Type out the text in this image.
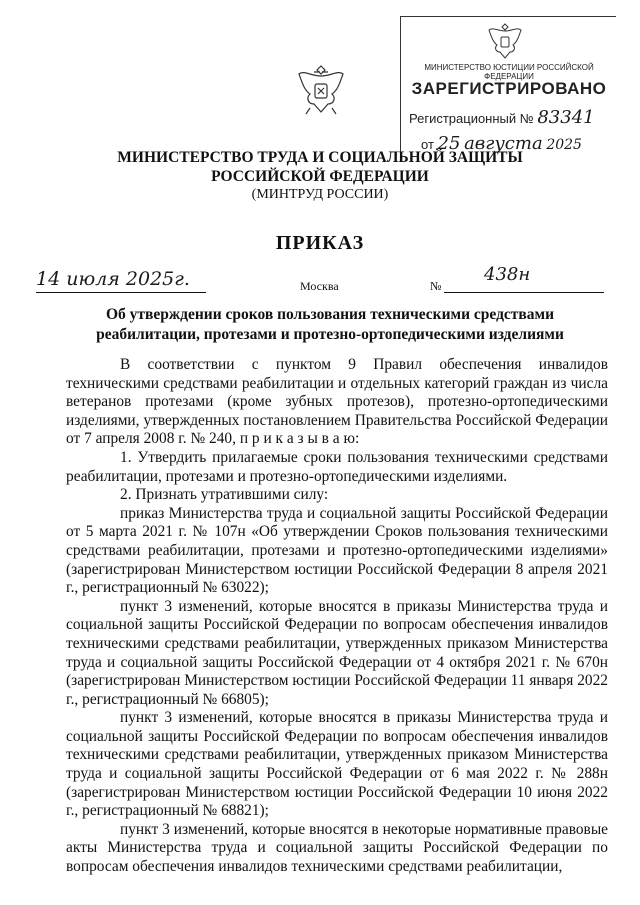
МИНИСТЕРСТВО ЮСТИЦИИ РОССИЙСКОЙ ФЕДЕРАЦИИ
ЗАРЕГИСТРИРОВАНО
Регистрационный № 83341
от 25 августа 2025
МИНИСТЕРСТВО ТРУДА И СОЦИАЛЬНОЙ ЗАЩИТЫ
РОССИЙСКОЙ ФЕДЕРАЦИИ
(МИНТРУД РОССИИ)
ПРИКАЗ
14 июля 2025г.	Москва	№
438н
Об утверждении сроков пользования техническими средствами
реабилитации, протезами и протезно-ортопедическими изделиями

В соответствии с пунктом 9 Правил обеспечения инвалидов техническими средствами реабилитации и отдельных категорий граждан из числа ветеранов протезами (кроме зубных протезов), протезно-ортопедическими изделиями, утвержденных постановлением Правительства Российской Федерации от 7 апреля 2008 г. № 240, п р и к а з ы в а ю:

1. Утвердить прилагаемые сроки пользования техническими средствами реабилитации, протезами и протезно-ортопедическими изделиями.

2. Признать утратившими силу:

приказ Министерства труда и социальной защиты Российской Федерации от 5 марта 2021 г. № 107н «Об утверждении Сроков пользования техническими средствами реабилитации, протезами и протезно-ортопедическими изделиями» (зарегистрирован Министерством юстиции Российской Федерации 8 апреля 2021 г., регистрационный № 63022);

пункт 3 изменений, которые вносятся в приказы Министерства труда и социальной защиты Российской Федерации по вопросам обеспечения инвалидов техническими средствами реабилитации, утвержденных приказом Министерства труда и социальной защиты Российской Федерации от 4 октября 2021 г. № 670н (зарегистрирован Министерством юстиции Российской Федерации 11 января 2022 г., регистрационный № 66805);

пункт 3 изменений, которые вносятся в приказы Министерства труда и социальной защиты Российской Федерации по вопросам обеспечения инвалидов техническими средствами реабилитации, утвержденных приказом Министерства труда и социальной защиты Российской Федерации от 6 мая 2022 г. № 288н (зарегистрирован Министерством юстиции Российской Федерации 10 июня 2022 г., регистрационный № 68821);

пункт 3 изменений, которые вносятся в некоторые нормативные правовые акты Министерства труда и социальной защиты Российской Федерации по вопросам обеспечения инвалидов техническими средствами реабилитации,
